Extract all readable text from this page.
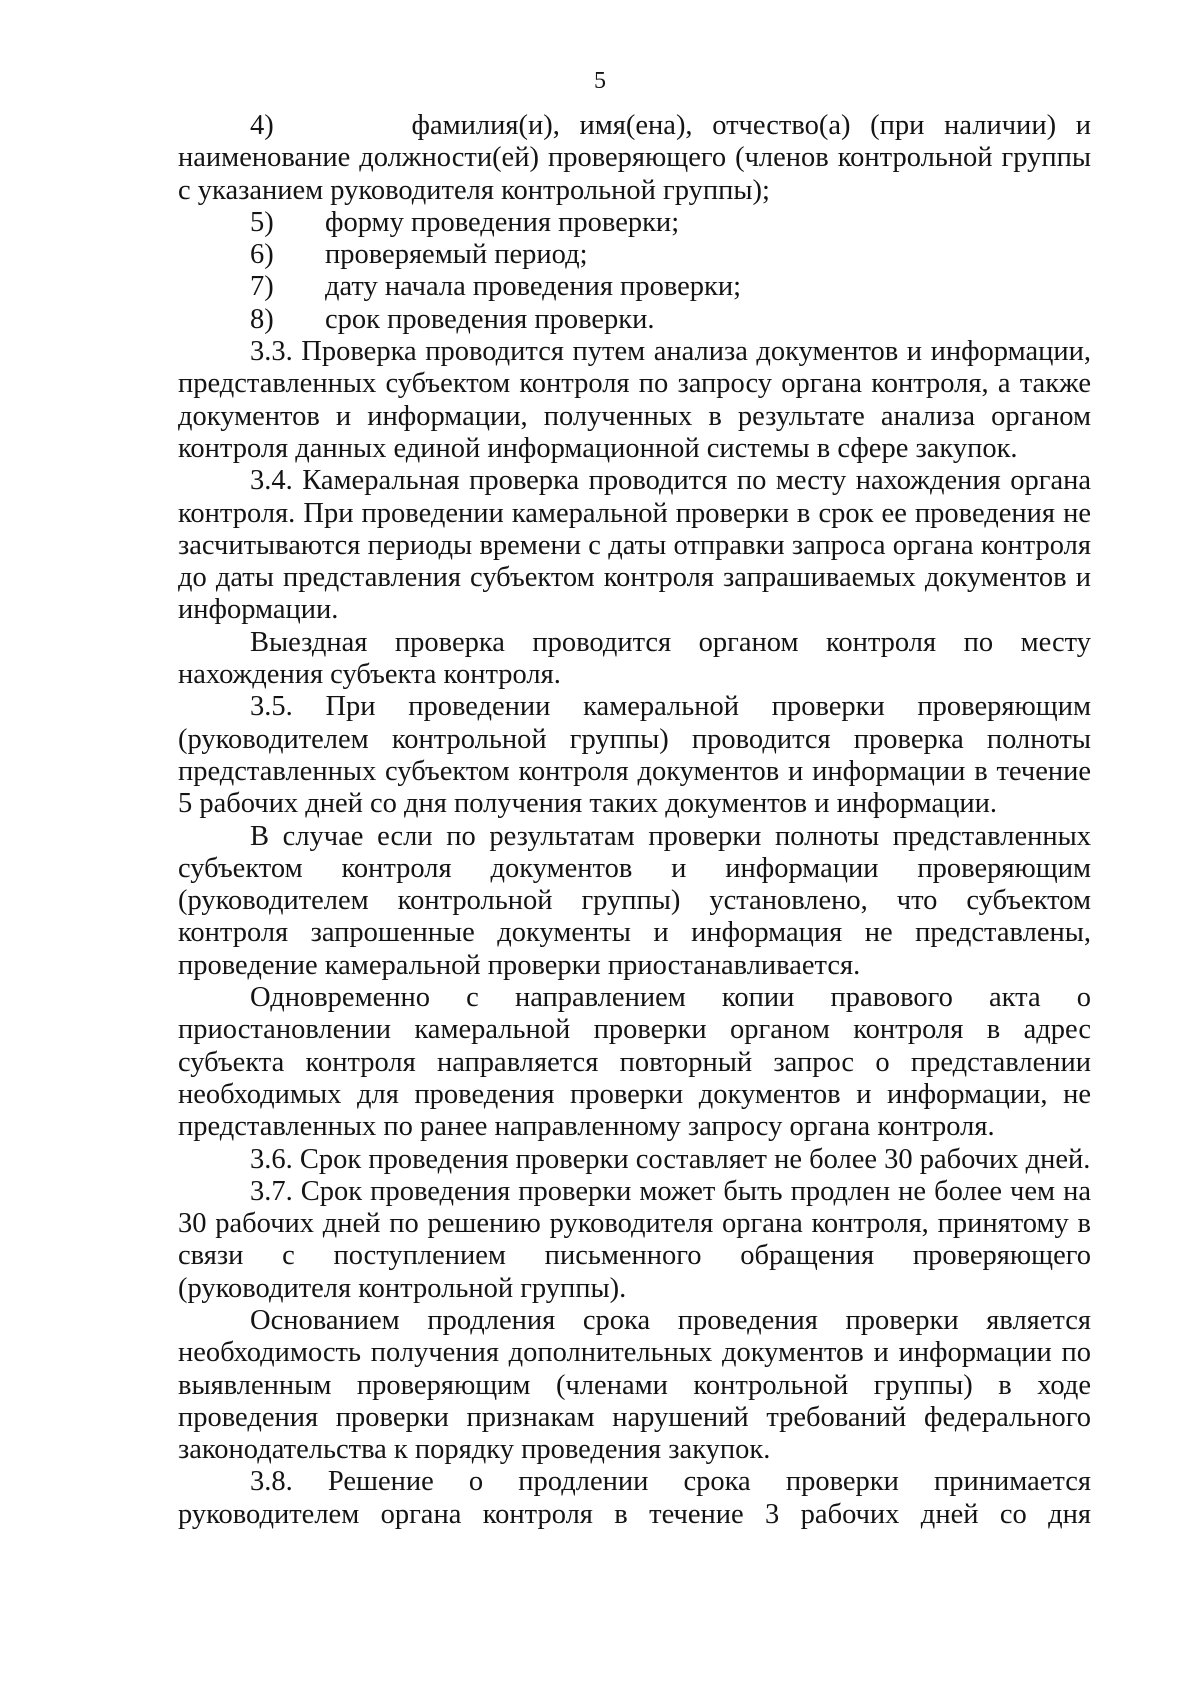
5

4)       фамилия(и), имя(ена), отчество(а) (при наличии) и наименование должности(ей) проверяющего (членов контрольной группы с указанием руководителя контрольной группы);

5) форму проведения проверки;
6) проверяемый период;
7) дату начала проведения проверки;
8) срок проведения проверки.

3.3. Проверка проводится путем анализа документов и информации, представленных субъектом контроля по запросу органа контроля, а также документов и информации, полученных в результате анализа органом контроля данных единой информационной системы в сфере закупок.

3.4. Камеральная проверка проводится по месту нахождения органа контроля. При проведении камеральной проверки в срок ее проведения не засчитываются периоды времени с даты отправки запроса органа контроля до даты представления субъектом контроля запрашиваемых документов и информации.

Выездная проверка проводится органом контроля по месту нахождения субъекта контроля.

3.5. При проведении камеральной проверки проверяющим (руководителем контрольной группы) проводится проверка полноты представленных субъектом контроля документов и информации в течение 5 рабочих дней со дня получения таких документов и информации.

В случае если по результатам проверки полноты представленных субъектом контроля документов и информации проверяющим (руководителем контрольной группы) установлено, что субъектом контроля запрошенные документы и информация не представлены, проведение камеральной проверки приостанавливается.

Одновременно с направлением копии правового акта о приостановлении камеральной проверки органом контроля в адрес субъекта контроля направляется повторный запрос о представлении необходимых для проведения проверки документов и информации, не представленных по ранее направленному запросу органа контроля.

3.6. Срок проведения проверки составляет не более 30 рабочих дней.

3.7. Срок проведения проверки может быть продлен не более чем на 30 рабочих дней по решению руководителя органа контроля, принятому в связи с поступлением письменного обращения проверяющего (руководителя контрольной группы).

Основанием продления срока проведения проверки является необходимость получения дополнительных документов и информации по выявленным проверяющим (членами контрольной группы) в ходе проведения проверки признакам нарушений требований федерального законодательства к порядку проведения закупок.

3.8. Решение о продлении срока проверки принимается руководителем органа контроля в течение 3 рабочих дней со дня
